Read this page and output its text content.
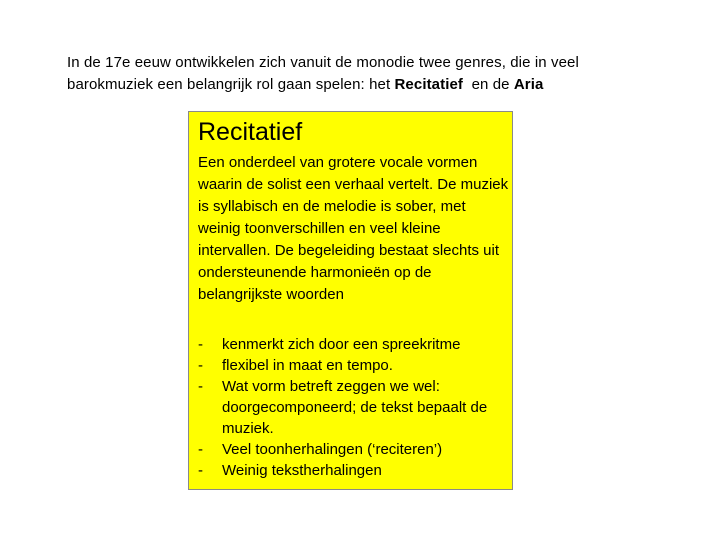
In de 17e eeuw ontwikkelen zich vanuit de monodie twee genres, die in veel barokmuziek een belangrijk rol gaan spelen: het Recitatief  en de Aria
Recitatief
Een onderdeel van grotere vocale vormen waarin de solist een verhaal vertelt. De muziek is syllabisch en de melodie is sober, met weinig toonverschillen en veel kleine intervallen. De begeleiding bestaat slechts uit ondersteunende harmonieën op de belangrijkste woorden
- kenmerkt zich door een spreekritme
- flexibel in maat en tempo.
- Wat vorm betreft zeggen we wel: doorgecomponeerd; de tekst bepaalt de muziek.
- Veel toonherhalingen (‘reciteren’)
- Weinig tekstherhalingen
